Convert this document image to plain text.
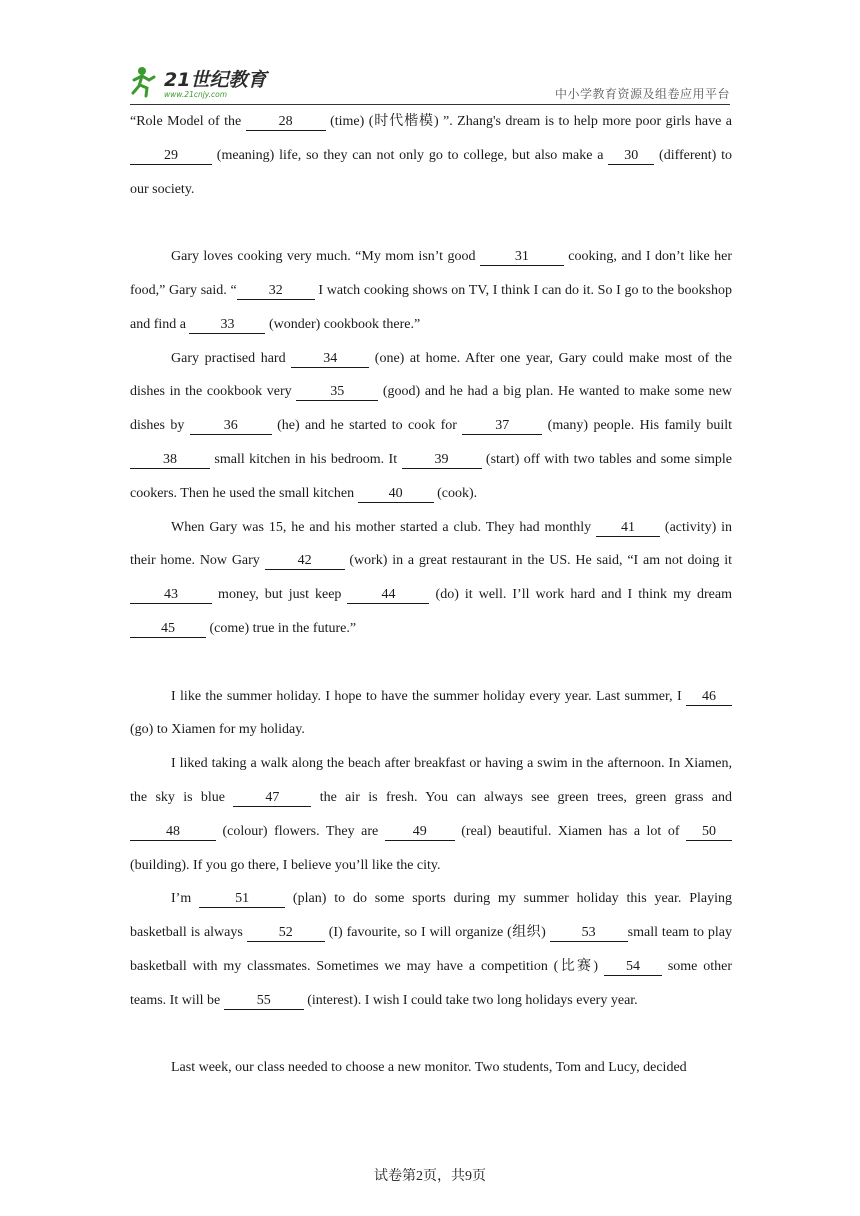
21世纪教育
www.21cnjy.com	中小学教育资源及组卷应用平台

“Role Model of the 28 (time) (时代楷模) ”. Zhang's dream is to help more poor girls have a 29 (meaning) life, so they can not only go to college, but also make a 30 (different) to our society.

Gary loves cooking very much. “My mom isn’t good	31	cooking, and I don’t like her food,” Gary said. “ 32 I watch cooking shows on TV, I think I can do it. So I go to the bookshop and find a 33 (wonder) cookbook there.”

Gary practised hard 34 (one) at home. After one year, Gary could make most of the dishes in the cookbook very 35 (good) and he had a big plan. He wanted to make some new dishes by 36 (he) and he started to cook for 37 (many) people. His family built 38 small kitchen in his bedroom. It 39 (start) off with two tables and some simple cookers. Then he used the small kitchen 40 (cook).

When Gary was 15, he and his mother started a club. They had monthly 41 (activity) in their home. Now Gary 42 (work) in a great restaurant in the US. He said, “I am not doing it 43 money, but just keep 44 (do) it well. I’ll work hard and I think my dream 45 (come) true in the future.”

I like the summer holiday. I hope to have the summer holiday every year. Last summer, I 46 (go) to Xiamen for my holiday.

I liked taking a walk along the beach after breakfast or having a swim in the afternoon. In Xiamen, the sky is blue 47 the air is fresh. You can always see green trees, green grass and 48	(colour) flowers. They are 49 (real) beautiful. Xiamen has a lot of 50 (building). If you go there, I believe you’ll like the city.

I’m	51	(plan) to do some sports during my summer holiday this year. Playing basketball is always 52 (I) favourite, so I will organize (组织) 53 small team to play basketball with my classmates. Sometimes we may have a competition (比赛) 54 some other teams. It will be 55 (interest). I wish I could take two long holidays every year.

Last week, our class needed to choose a new monitor. Two students, Tom and Lucy, decided

试卷第2页，共9页
